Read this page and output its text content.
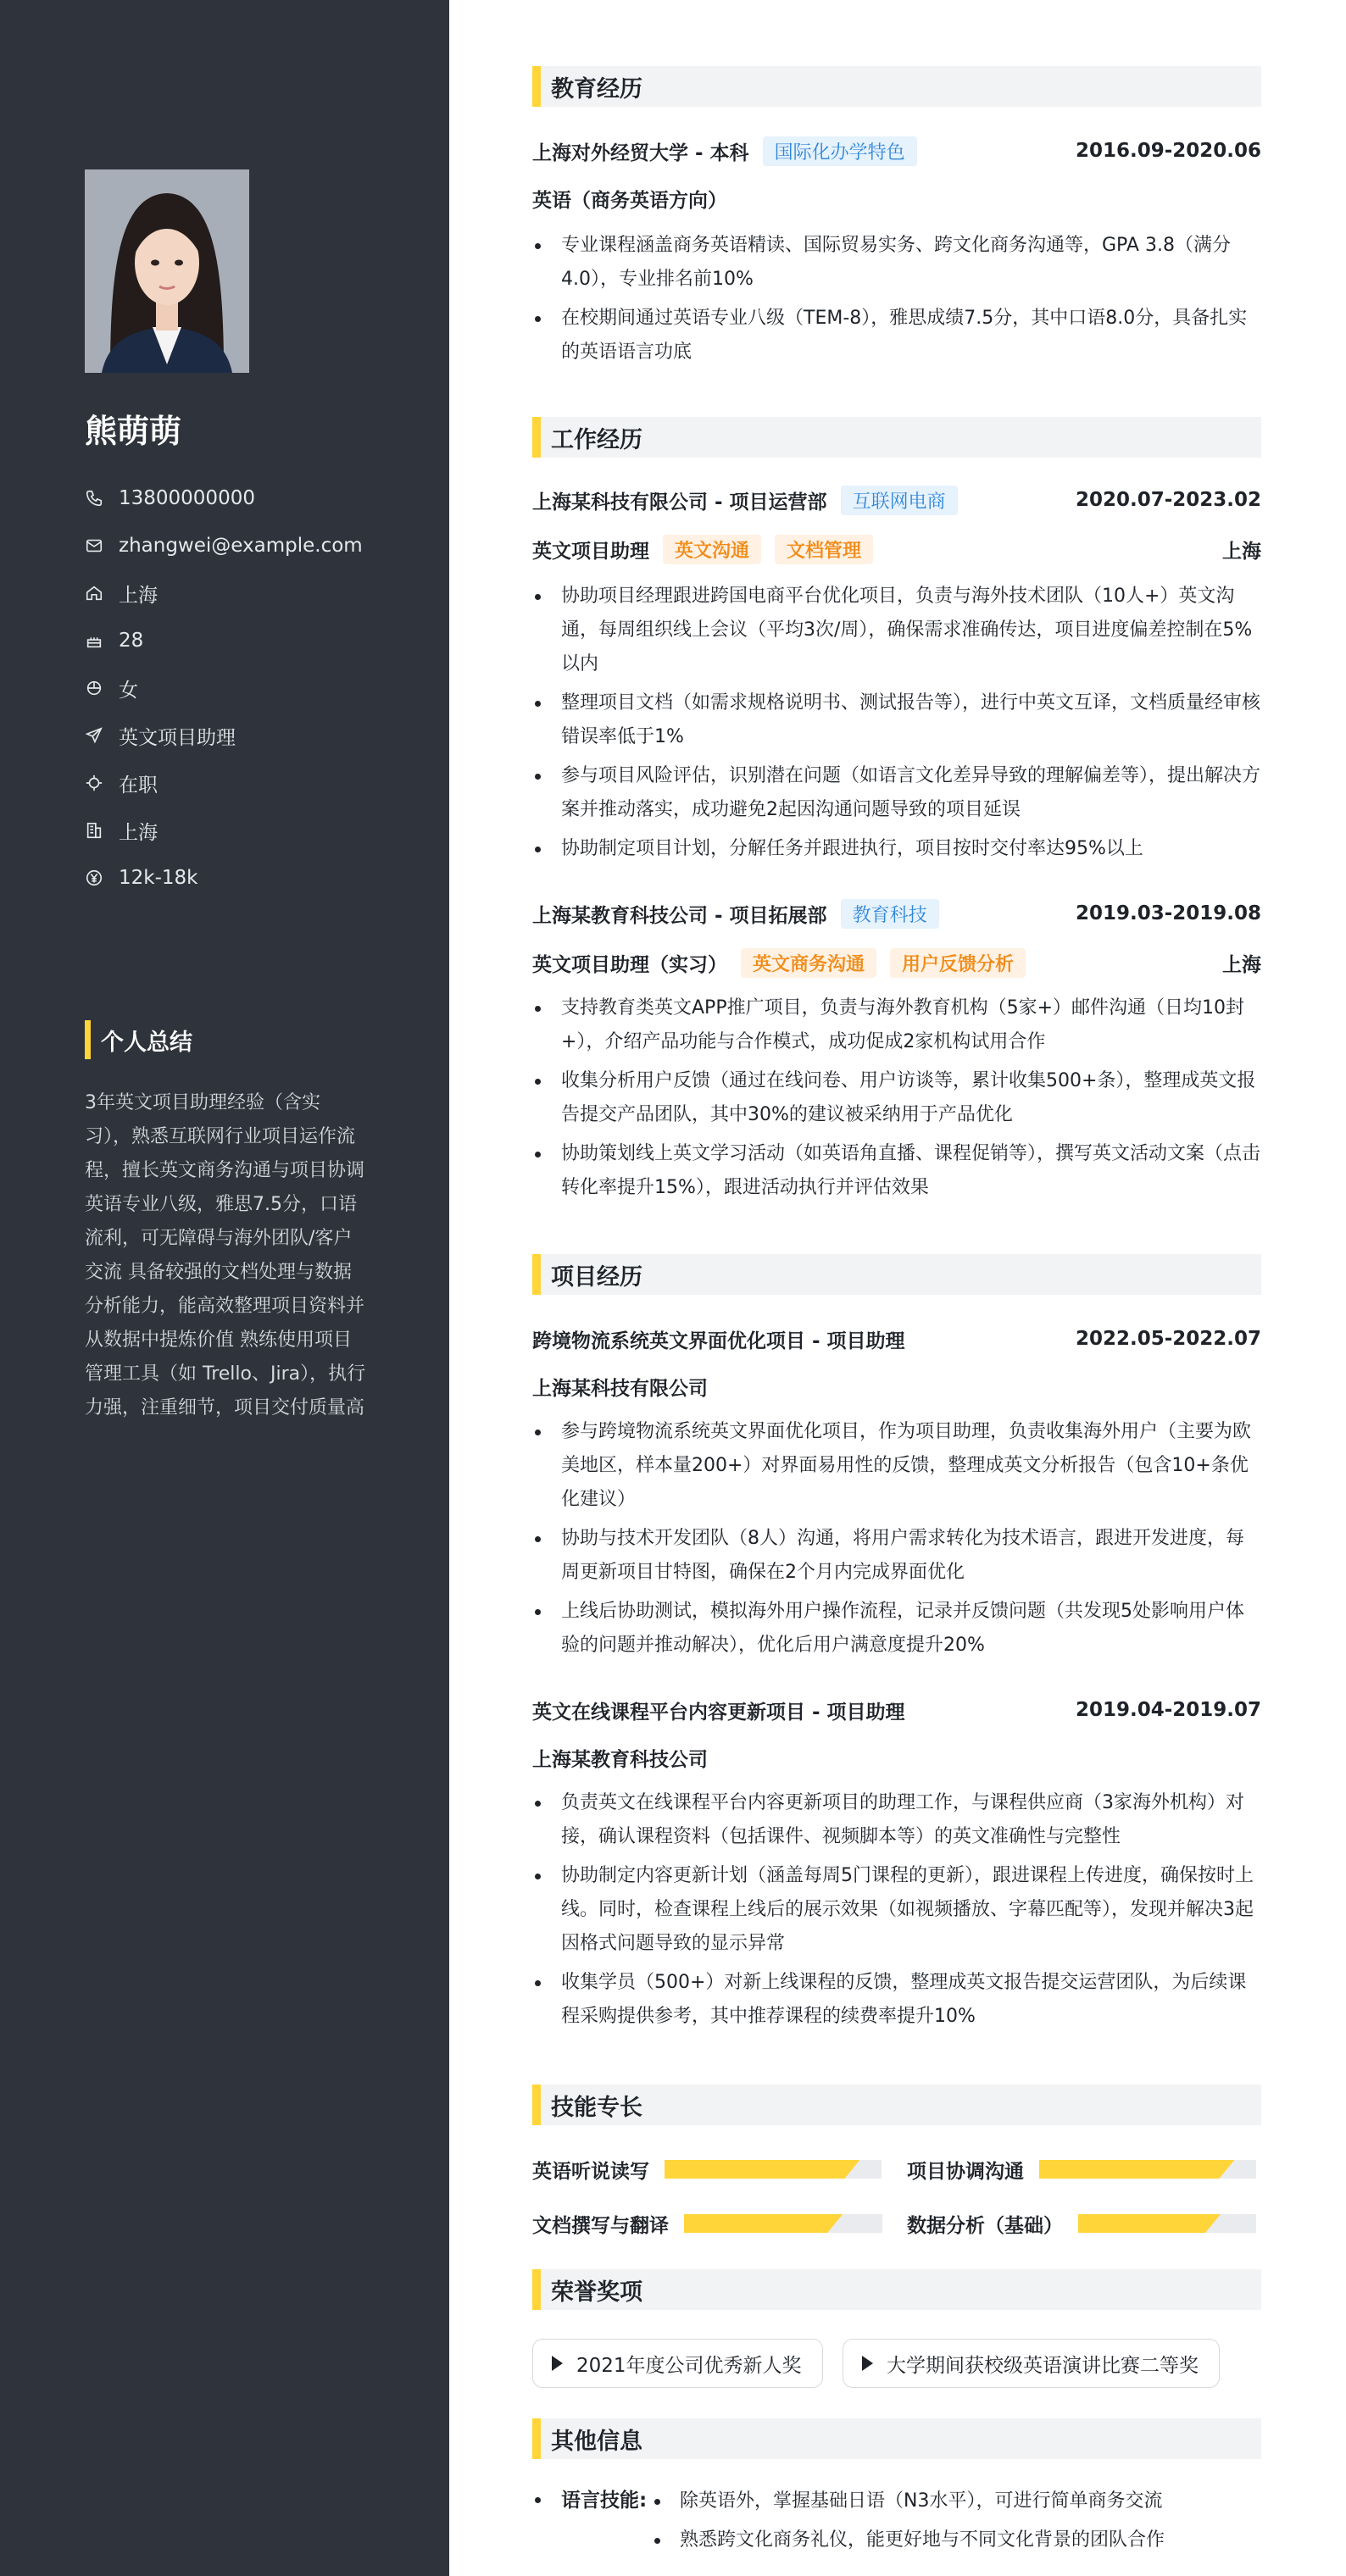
熊萌萌
13800000000
zhangwei@example.com
上海
28
女
英文项目助理
在职
上海
12k-18k
个人总结
3年英文项目助理经验（含实习），熟悉互联网行业项目运作流程，擅长英文商务沟通与项目协调 英语专业八级，雅思7.5分，口语流利，可无障碍与海外团队/客户交流 具备较强的文档处理与数据分析能力，能高效整理项目资料并从数据中提炼价值 熟练使用项目管理工具（如 Trello、Jira），执行力强，注重细节，项目交付质量高
教育经历
上海对外经贸大学 - 本科	国际化办学特色	2016.09-2020.06
英语（商务英语方向）
专业课程涵盖商务英语精读、国际贸易实务、跨文化商务沟通等，GPA 3.8（满分4.0），专业排名前10%
在校期间通过英语专业八级（TEM-8），雅思成绩7.5分，其中口语8.0分，具备扎实的英语语言功底
工作经历
上海某科技有限公司 - 项目运营部	互联网电商	2020.07-2023.02
英文项目助理	英文沟通	文档管理	上海
协助项目经理跟进跨国电商平台优化项目，负责与海外技术团队（10人+）英文沟通，每周组织线上会议（平均3次/周），确保需求准确传达，项目进度偏差控制在5%以内
整理项目文档（如需求规格说明书、测试报告等），进行中英文互译，文档质量经审核错误率低于1%
参与项目风险评估，识别潜在问题（如语言文化差异导致的理解偏差等），提出解决方案并推动落实，成功避免2起因沟通问题导致的项目延误
协助制定项目计划，分解任务并跟进执行，项目按时交付率达95%以上
上海某教育科技公司 - 项目拓展部	教育科技	2019.03-2019.08
英文项目助理（实习）	英文商务沟通	用户反馈分析	上海
支持教育类英文APP推广项目，负责与海外教育机构（5家+）邮件沟通（日均10封+），介绍产品功能与合作模式，成功促成2家机构试用合作
收集分析用户反馈（通过在线问卷、用户访谈等，累计收集500+条），整理成英文报告提交产品团队，其中30%的建议被采纳用于产品优化
协助策划线上英文学习活动（如英语角直播、课程促销等），撰写英文活动文案（点击转化率提升15%），跟进活动执行并评估效果
项目经历
跨境物流系统英文界面优化项目 - 项目助理	2022.05-2022.07
上海某科技有限公司
参与跨境物流系统英文界面优化项目，作为项目助理，负责收集海外用户（主要为欧美地区，样本量200+）对界面易用性的反馈，整理成英文分析报告（包含10+条优化建议）
协助与技术开发团队（8人）沟通，将用户需求转化为技术语言，跟进开发进度，每周更新项目甘特图，确保在2个月内完成界面优化
上线后协助测试，模拟海外用户操作流程，记录并反馈问题（共发现5处影响用户体验的问题并推动解决），优化后用户满意度提升20%
英文在线课程平台内容更新项目 - 项目助理	2019.04-2019.07
上海某教育科技公司
负责英文在线课程平台内容更新项目的助理工作，与课程供应商（3家海外机构）对接，确认课程资料（包括课件、视频脚本等）的英文准确性与完整性
协助制定内容更新计划（涵盖每周5门课程的更新），跟进课程上传进度，确保按时上线。同时，检查课程上线后的展示效果（如视频播放、字幕匹配等），发现并解决3起因格式问题导致的显示异常
收集学员（500+）对新上线课程的反馈，整理成英文报告提交运营团队，为后续课程采购提供参考，其中推荐课程的续费率提升10%
技能专长
英语听说读写	项目协调沟通
文档撰写与翻译	数据分析（基础）
荣誉奖项
2021年度公司优秀新人奖	大学期间获校级英语演讲比赛二等奖
其他信息
语言技能:	除英语外，掌握基础日语（N3水平），可进行简单商务交流
熟悉跨文化商务礼仪，能更好地与不同文化背景的团队合作
